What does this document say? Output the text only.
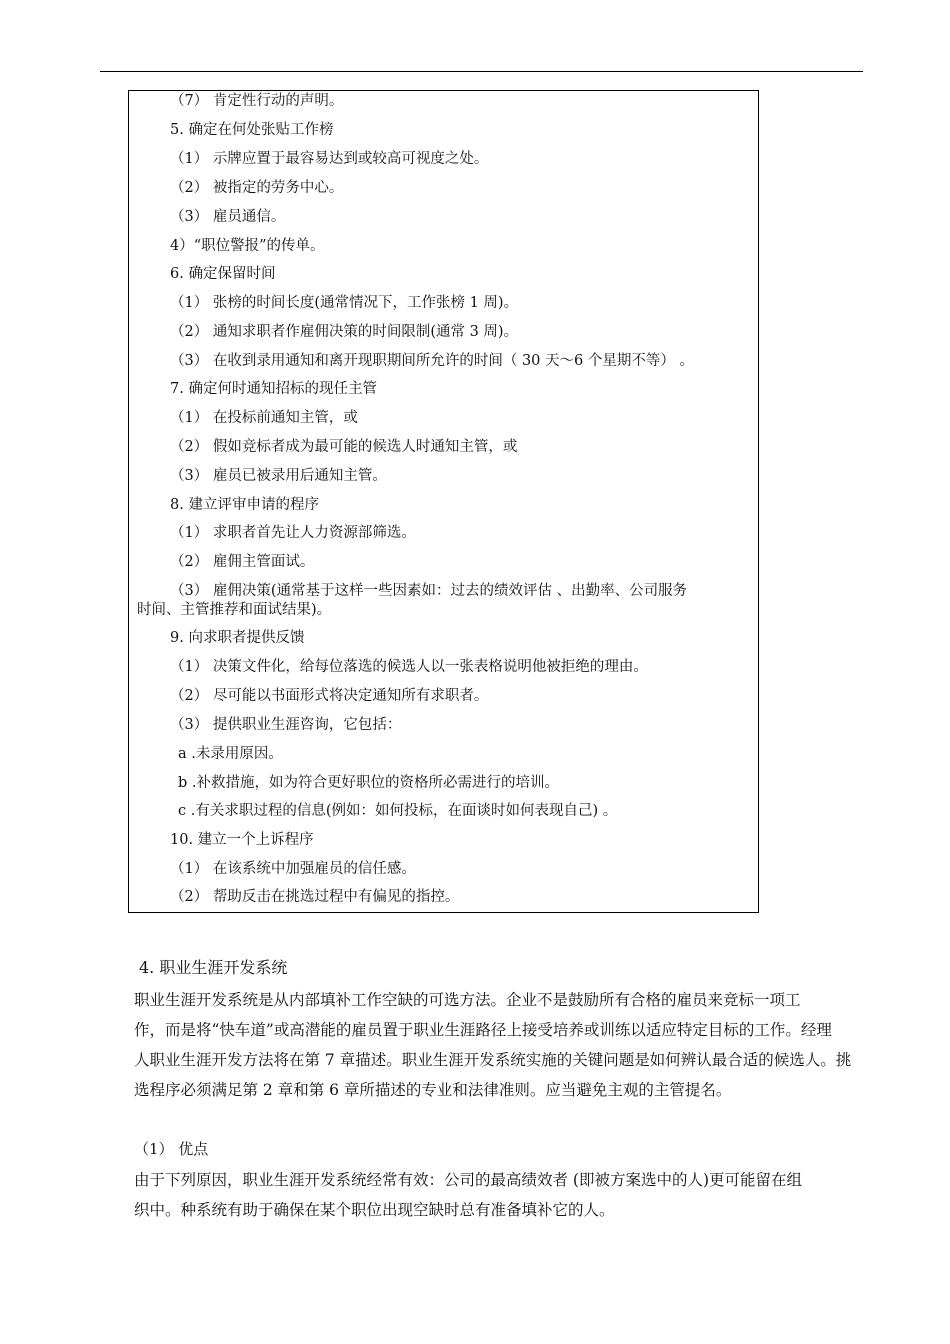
（7） 肯定性行动的声明。
5. 确定在何处张贴工作榜
（1） 示牌应置于最容易达到或较高可视度之处。
（2） 被指定的劳务中心。
（3） 雇员通信。
4）“职位警报”的传单。
6. 确定保留时间
（1） 张榜的时间长度(通常情况下，工作张榜 1 周)。
（2） 通知求职者作雇佣决策的时间限制(通常 3 周)。
（3） 在收到录用通知和离开现职期间所允许的时间（ 30 天～6 个星期不等） 。
7. 确定何时通知招标的现任主管
（1） 在投标前通知主管，或
（2） 假如竞标者成为最可能的候选人时通知主管，或
（3） 雇员已被录用后通知主管。
8. 建立评审申请的程序
（1） 求职者首先让人力资源部筛选。
（2） 雇佣主管面试。
（3） 雇佣决策(通常基于这样一些因素如：过去的绩效评估 、出勤率、公司服务
时间、主管推荐和面试结果)。
9. 向求职者提供反馈
（1） 决策文件化，给每位落选的候选人以一张表格说明他被拒绝的理由。
（2） 尽可能以书面形式将决定通知所有求职者。
（3） 提供职业生涯咨询，它包括：
a .未录用原因。
b .补救措施，如为符合更好职位的资格所必需进行的培训。
c .有关求职过程的信息(例如：如何投标，在面谈时如何表现自己) 。
10. 建立一个上诉程序
（1） 在该系统中加强雇员的信任感。
（2） 帮助反击在挑选过程中有偏见的指控。
4. 职业生涯开发系统
职业生涯开发系统是从内部填补工作空缺的可选方法。企业不是鼓励所有合格的雇员来竞标一项工
作，而是将“快车道”或高潜能的雇员置于职业生涯路径上接受培养或训练以适应特定目标的工作。经理
人职业生涯开发方法将在第 7 章描述。职业生涯开发系统实施的关键问题是如何辨认最合适的候选人。挑
选程序必须满足第 2 章和第 6 章所描述的专业和法律准则。应当避免主观的主管提名。
（1） 优点
由于下列原因，职业生涯开发系统经常有效：公司的最高绩效者 (即被方案选中的人)更可能留在组
织中。种系统有助于确保在某个职位出现空缺时总有准备填补它的人。
